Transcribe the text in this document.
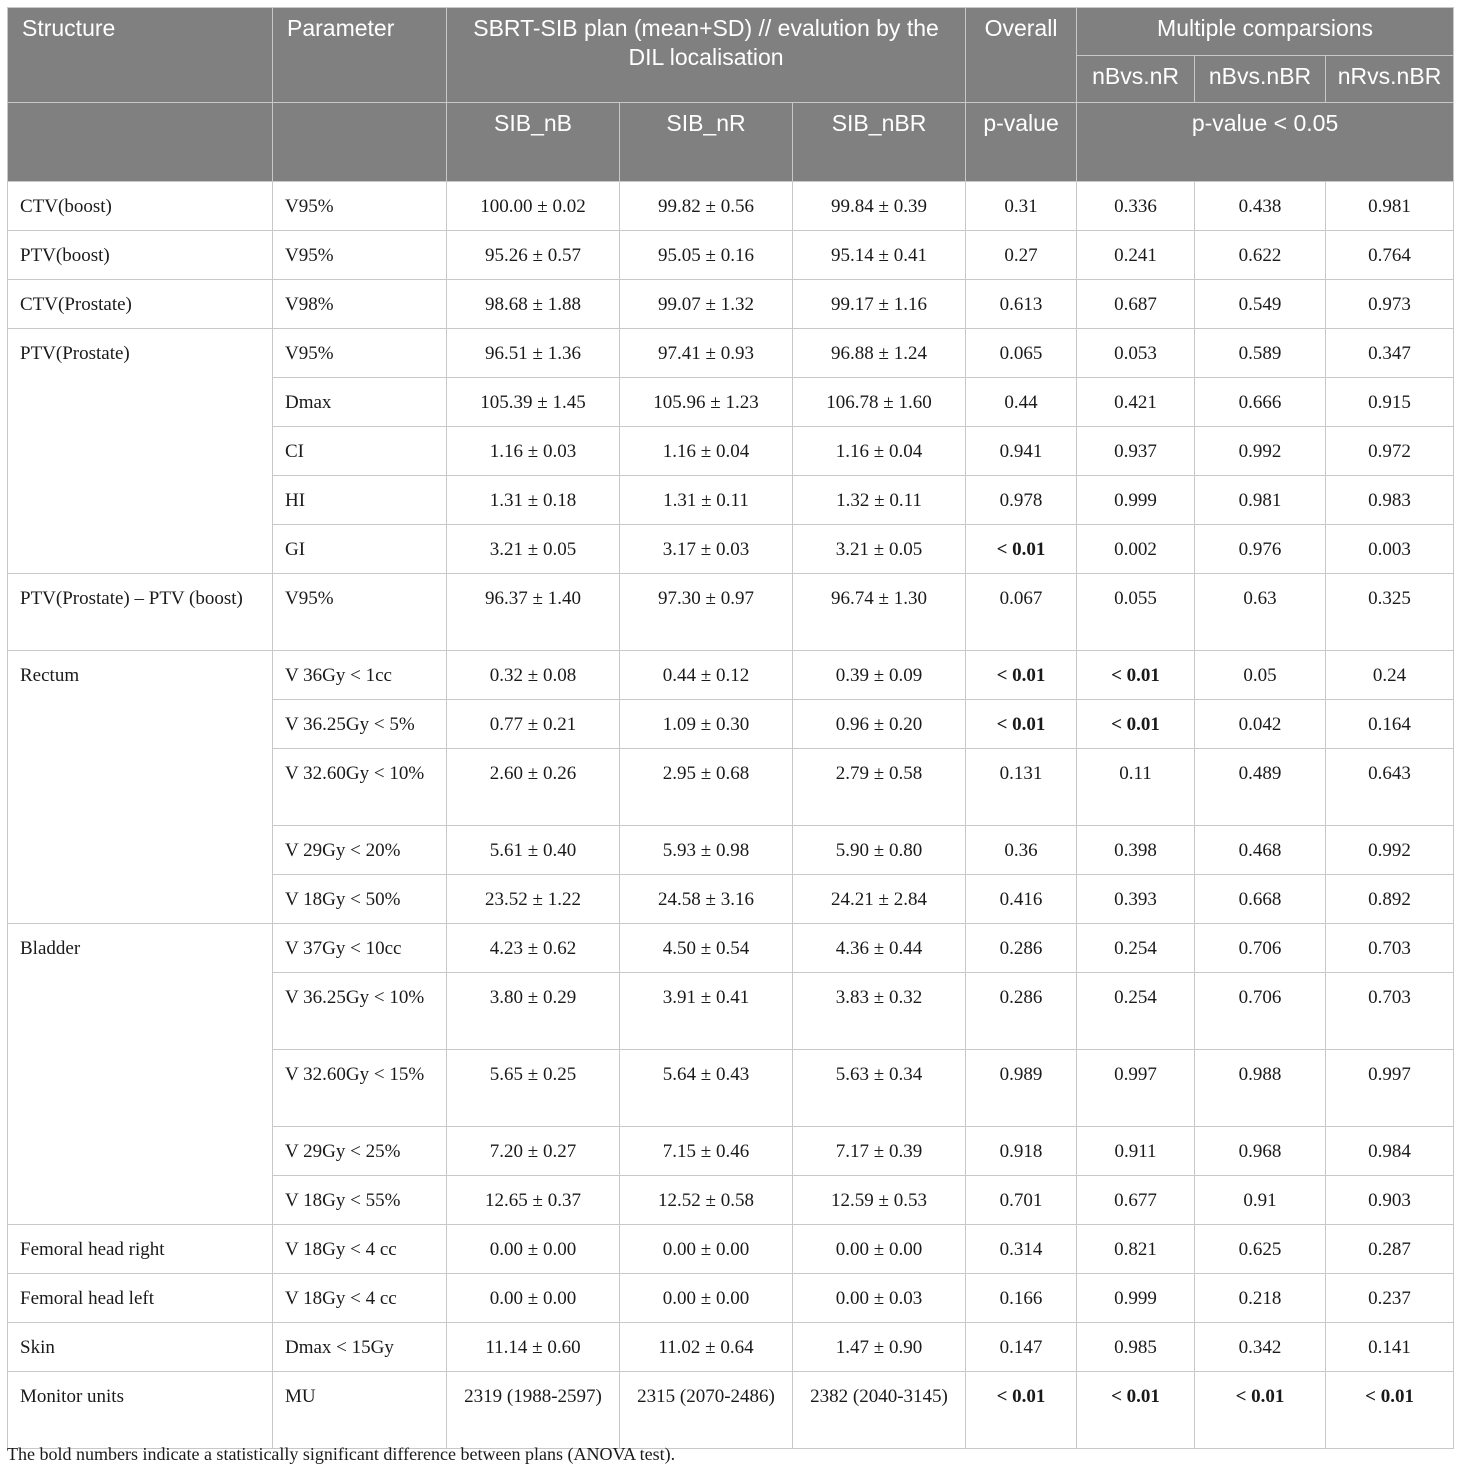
Structure	Parameter	SBRT-SIB plan (mean+SD) // evalution by the DIL localisation			Overall	Multiple comparsions		
						nBvs.nR	nBvs.nBR	nRvs.nBR
		SIB_nB	SIB_nR	SIB_nBR	p-value	p-value < 0.05		
CTV(boost)	V95%	100.00 ± 0.02	99.82 ± 0.56	99.84 ± 0.39	0.31	0.336	0.438	0.981
PTV(boost)	V95%	95.26 ± 0.57	95.05 ± 0.16	95.14 ± 0.41	0.27	0.241	0.622	0.764
CTV(Prostate)	V98%	98.68 ± 1.88	99.07 ± 1.32	99.17 ± 1.16	0.613	0.687	0.549	0.973
PTV(Prostate)	V95%	96.51 ± 1.36	97.41 ± 0.93	96.88 ± 1.24	0.065	0.053	0.589	0.347
	Dmax	105.39 ± 1.45	105.96 ± 1.23	106.78 ± 1.60	0.44	0.421	0.666	0.915
	CI	1.16 ± 0.03	1.16 ± 0.04	1.16 ± 0.04	0.941	0.937	0.992	0.972
	HI	1.31 ± 0.18	1.31 ± 0.11	1.32 ± 0.11	0.978	0.999	0.981	0.983
	GI	3.21 ± 0.05	3.17 ± 0.03	3.21 ± 0.05	< 0.01	0.002	0.976	0.003
PTV(Prostate) – PTV (boost)	V95%	96.37 ± 1.40	97.30 ± 0.97	96.74 ± 1.30	0.067	0.055	0.63	0.325
Rectum	V 36Gy < 1cc	0.32 ± 0.08	0.44 ± 0.12	0.39 ± 0.09	< 0.01	< 0.01	0.05	0.24
	V 36.25Gy < 5%	0.77 ± 0.21	1.09 ± 0.30	0.96 ± 0.20	< 0.01	< 0.01	0.042	0.164
	V 32.60Gy < 10%	2.60 ± 0.26	2.95 ± 0.68	2.79 ± 0.58	0.131	0.11	0.489	0.643
	V 29Gy < 20%	5.61 ± 0.40	5.93 ± 0.98	5.90 ± 0.80	0.36	0.398	0.468	0.992
	V 18Gy < 50%	23.52 ± 1.22	24.58 ± 3.16	24.21 ± 2.84	0.416	0.393	0.668	0.892
Bladder	V 37Gy < 10cc	4.23 ± 0.62	4.50 ± 0.54	4.36 ± 0.44	0.286	0.254	0.706	0.703
	V 36.25Gy < 10%	3.80 ± 0.29	3.91 ± 0.41	3.83 ± 0.32	0.286	0.254	0.706	0.703
	V 32.60Gy < 15%	5.65 ± 0.25	5.64 ± 0.43	5.63 ± 0.34	0.989	0.997	0.988	0.997
	V 29Gy < 25%	7.20 ± 0.27	7.15 ± 0.46	7.17 ± 0.39	0.918	0.911	0.968	0.984
	V 18Gy < 55%	12.65 ± 0.37	12.52 ± 0.58	12.59 ± 0.53	0.701	0.677	0.91	0.903
Femoral head right	V 18Gy < 4 cc	0.00 ± 0.00	0.00 ± 0.00	0.00 ± 0.00	0.314	0.821	0.625	0.287
Femoral head left	V 18Gy < 4 cc	0.00 ± 0.00	0.00 ± 0.00	0.00 ± 0.03	0.166	0.999	0.218	0.237
Skin	Dmax < 15Gy	11.14 ± 0.60	11.02 ± 0.64	1.47 ± 0.90	0.147	0.985	0.342	0.141
Monitor units	MU	2319 (1988-2597)	2315 (2070-2486)	2382 (2040-3145)	< 0.01	< 0.01	< 0.01	< 0.01
The bold numbers indicate a statistically significant difference between plans (ANOVA test).
